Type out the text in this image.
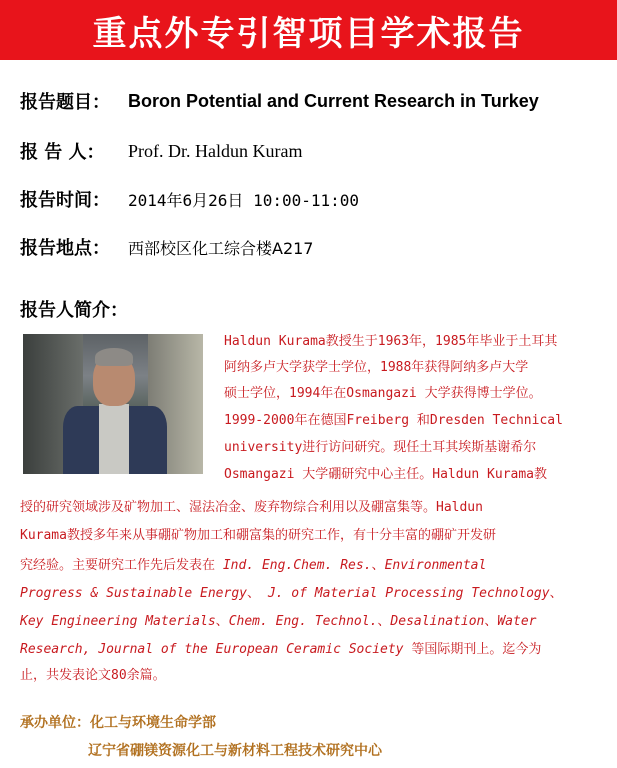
重点外专引智项目学术报告
报告题目：	Boron Potential and Current Research in Turkey
报 告 人：	Prof. Dr. Haldun Kuram
报告时间：	2014年6月26日 10:00-11:00
报告地点：	西部校区化工综合楼A217
报告人简介：
Haldun Kurama教授生于1963年，1985年毕业于土耳其
阿纳多卢大学获学士学位，1988年获得阿纳多卢大学
硕士学位，1994年在Osmangazi 大学获得博士学位。
1999-2000年在德国Freiberg 和Dresden Technical
university进行访问研究。现任土耳其埃斯基谢希尔
Osmangazi 大学硼研究中心主任。Haldun Kurama教
授的研究领域涉及矿物加工、湿法冶金、废弃物综合利用以及硼富集等。Haldun
Kurama教授多年来从事硼矿物加工和硼富集的研究工作，有十分丰富的硼矿开发研
究经验。主要研究工作先后发表在 Ind. Eng.Chem. Res.、Environmental
Progress & Sustainable Energy、 J. of Material Processing Technology、
Key Engineering Materials、Chem. Eng. Technol.、Desalination、Water
Research, Journal of the European Ceramic Society 等国际期刊上。迄今为
止，共发表论文80余篇。
承办单位：化工与环境生命学部
辽宁省硼镁资源化工与新材料工程技术研究中心
